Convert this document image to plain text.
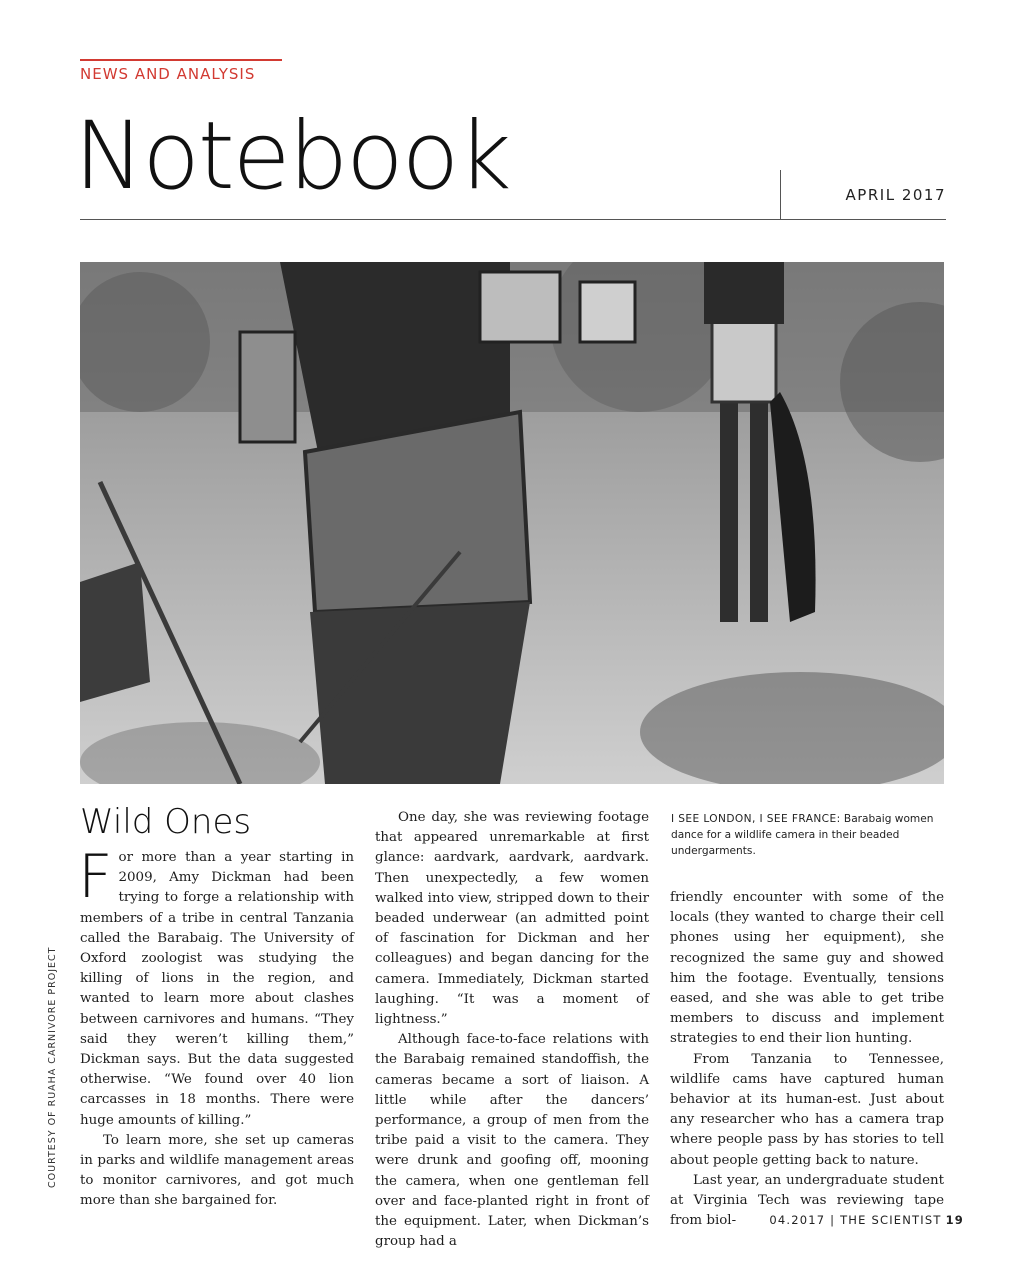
NEWS AND ANALYSIS
Notebook	APRIL 2017
COURTESY OF RUAHA CARNIVORE PROJECT
Wild Ones

For more than a year starting in 2009, Amy Dickman had been trying to forge a relationship with members of a tribe in central Tanzania called the Barabaig. The University of Oxford zoologist was studying the killing of lions in the region, and wanted to learn more about clashes between carnivores and humans. “They said they weren’t killing them,” Dickman says. But the data suggested otherwise. “We found over 40 lion carcasses in 18 months. There were huge amounts of killing.”

To learn more, she set up cameras in parks and wildlife management areas to monitor carnivores, and got much more than she bargained for.

One day, she was reviewing footage that appeared unremarkable at first glance: aardvark, aardvark, aardvark. Then unexpectedly, a few women walked into view, stripped down to their beaded underwear (an admitted point of fascination for Dickman and her colleagues) and began dancing for the camera. Immediately, Dickman started laughing. “It was a moment of lightness.”

Although face-to-face relations with the Barabaig remained standoffish, the cameras became a sort of liaison. A little while after the dancers’ performance, a group of men from the tribe paid a visit to the camera. They were drunk and goofing off, mooning the camera, when one gentleman fell over and face-planted right in front of the equipment. Later, when Dickman’s group had a

I SEE LONDON, I SEE FRANCE: Barabaig women dance for a wildlife camera in their beaded undergarments.

friendly encounter with some of the locals (they wanted to charge their cell phones using her equipment), she recognized the same guy and showed him the footage. Eventually, tensions eased, and she was able to get tribe members to discuss and implement strategies to end their lion hunting.

From Tanzania to Tennessee, wildlife cams have captured human behavior at its human-est. Just about any researcher who has a camera trap where people pass by has stories to tell about people getting back to nature.

Last year, an undergraduate student at Virginia Tech was reviewing tape from biol-	04.2017 | THE SCIENTIST 19
